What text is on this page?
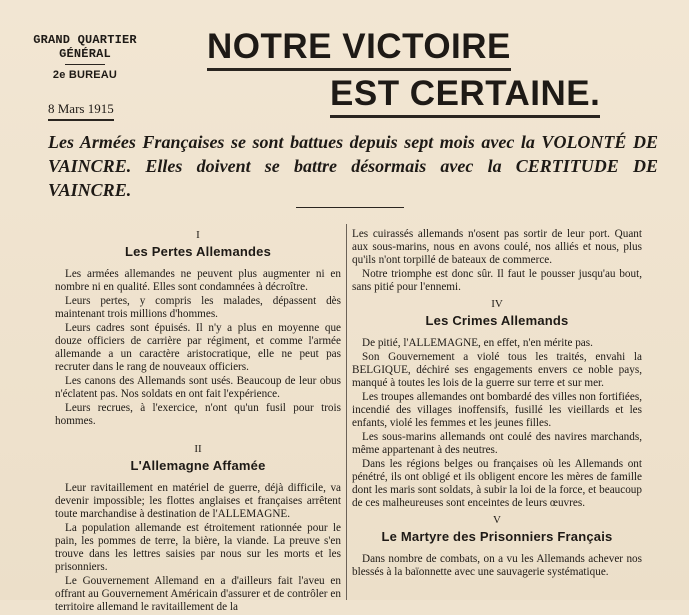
GRAND QUARTIER GÉNÉRAL
2e BUREAU
8 Mars 1915
NOTRE VICTOIRE
EST CERTAINE.
Les Armées Françaises se sont battues depuis sept mois avec la VOLONTÉ DE VAINCRE. Elles doivent se battre désormais avec la CERTITUDE DE VAINCRE.
I
Les Pertes Allemandes

Les armées allemandes ne peuvent plus augmenter ni en nombre ni en qualité. Elles sont condamnées à décroître.

Leurs pertes, y compris les malades, dépassent dès maintenant trois millions d'hommes.

Leurs cadres sont épuisés. Il n'y a plus en moyenne que douze officiers de carrière par régiment, et comme l'armée allemande a un caractère aristocratique, elle ne peut pas recruter dans le rang de nouveaux officiers.

Les canons des Allemands sont usés. Beaucoup de leur obus n'éclatent pas. Nos soldats en ont fait l'expérience.

Leurs recrues, à l'exercice, n'ont qu'un fusil pour trois hommes.

II
L'Allemagne Affamée

Leur ravitaillement en matériel de guerre, déjà difficile, va devenir impossible; les flottes anglaises et françaises arrêtent toute marchandise à destination de l'ALLEMAGNE.

La population allemande est étroitement rationnée pour le pain, les pommes de terre, la bière, la viande. La preuve s'en trouve dans les lettres saisies par nous sur les morts et les prisonniers.

Le Gouvernement Allemand en a d'ailleurs fait l'aveu en offrant au Gouvernement Américain d'assurer et de contrôler en territoire allemand le ravitaillement de la

Les cuirassés allemands n'osent pas sortir de leur port. Quant aux sous-marins, nous en avons coulé, nos alliés et nous, plus qu'ils n'ont torpillé de bateaux de commerce.

Notre triomphe est donc sûr. Il faut le pousser jusqu'au bout, sans pitié pour l'ennemi.

IV
Les Crimes Allemands

De pitié, l'ALLEMAGNE, en effet, n'en mérite pas.

Son Gouvernement a violé tous les traités, envahi la BELGIQUE, déchiré ses engagements envers ce noble pays, manqué à toutes les lois de la guerre sur terre et sur mer.

Les troupes allemandes ont bombardé des villes non fortifiées, incendié des villages inoffensifs, fusillé les vieillards et les enfants, violé les femmes et les jeunes filles.

Les sous-marins allemands ont coulé des navires marchands, même appartenant à des neutres.

Dans les régions belges ou françaises où les Allemands ont pénétré, ils ont obligé et ils obligent encore les mères de famille dont les maris sont soldats, à subir la loi de la force, et beaucoup de ces malheureuses sont enceintes de leurs œuvres.

V
Le Martyre des Prisonniers Français

Dans nombre de combats, on a vu les Allemands achever nos blessés à la baïonnette avec une sauvagerie systématique.
